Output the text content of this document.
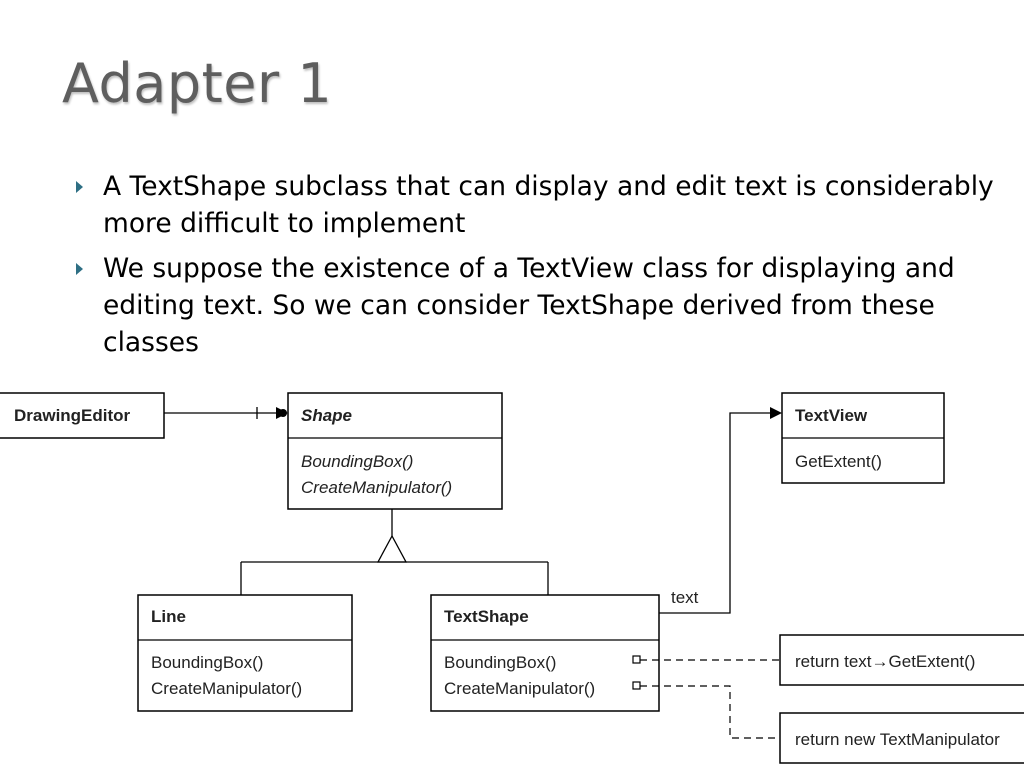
Adapter 1
A TextShape subclass that can display and edit text is considerably more difficult to implement
We suppose the existence of a TextView class for displaying and editing text. So we can consider TextShape derived from these classes
DrawingEditor	Shape
BoundingBox()
CreateManipulator()
TextView
GetExtent()
Line
BoundingBox()
CreateManipulator()
TextShape
BoundingBox()
CreateManipulator()
text
return text→GetExtent()
return new TextManipulator
